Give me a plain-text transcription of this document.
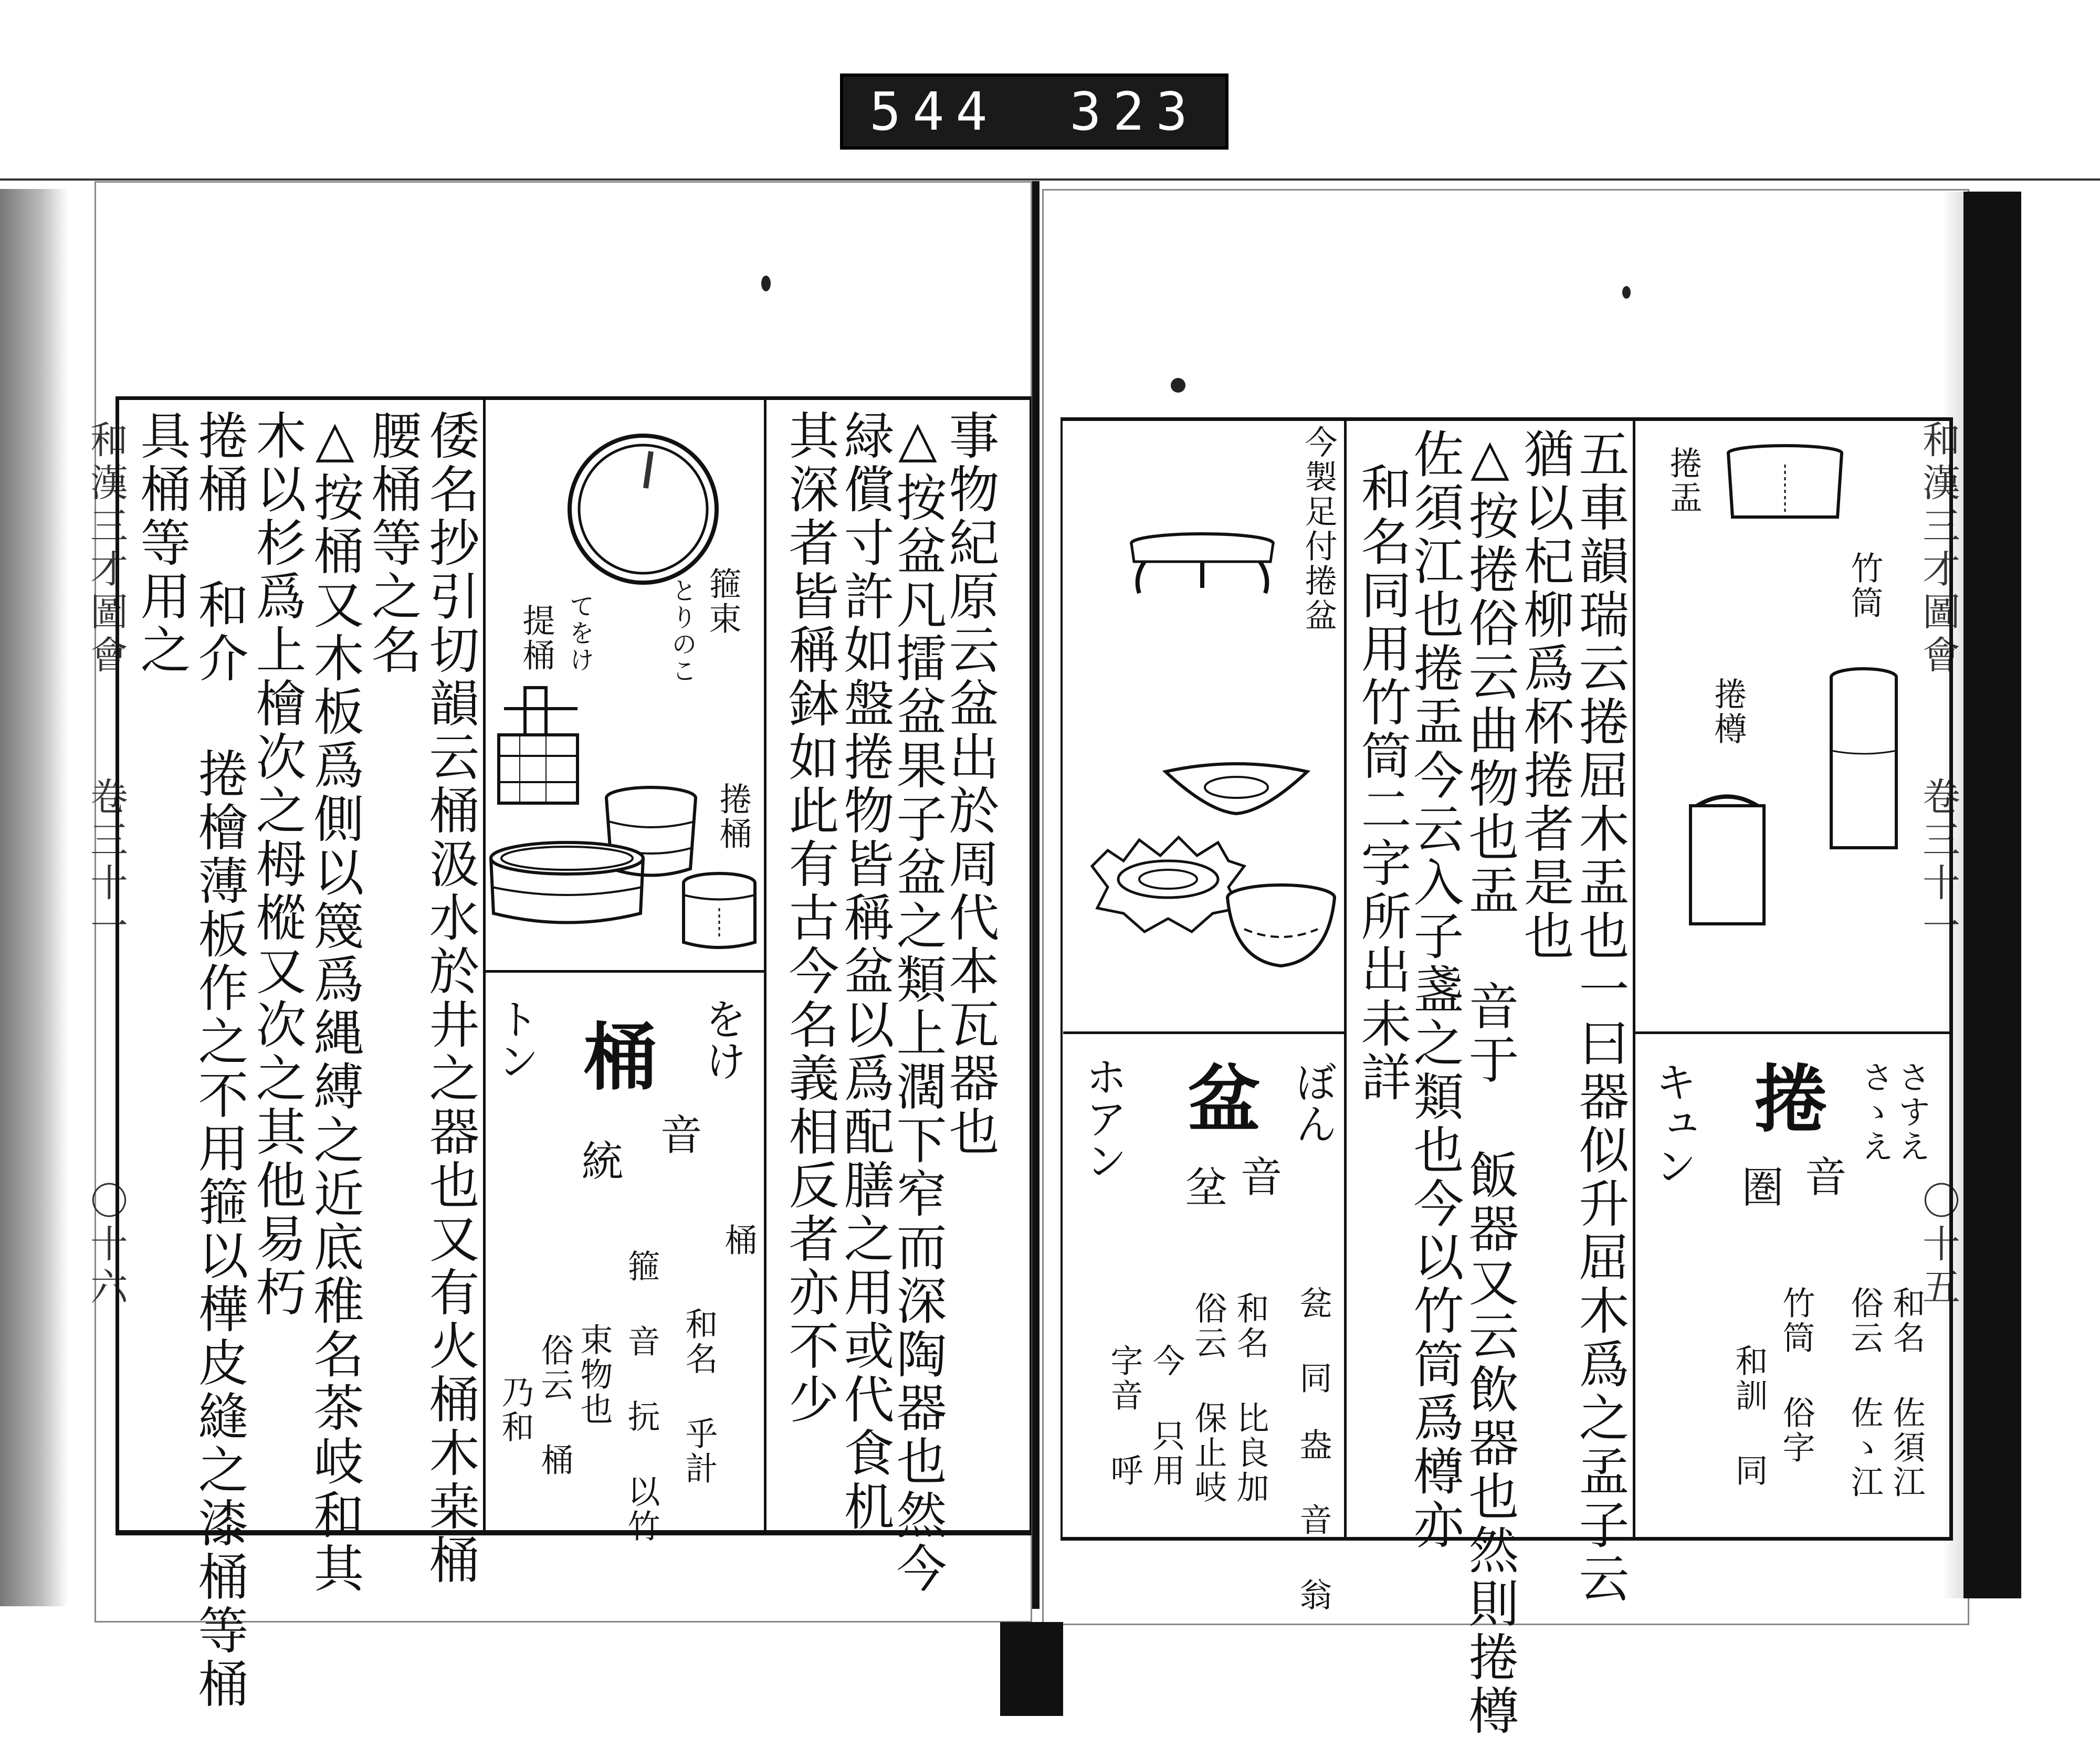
544 323
和漢三才圖會
卷三十一
〇十六
和漢三才圖會
卷三十一
〇十五
事物紀原云盆出於周代本瓦器也
△按盆凡擂盆果子盆之類上濶下窄而深陶器也然今
緑償寸許如盤捲物皆稱盆以爲配膳之用或代食机
其深者皆稱鉢如此有古今名義相反者亦不少
倭名抄引切韻云桶汲水於井之器也又有火桶木桒桶
腰桶等之名
△按桶又木板爲側以篾爲縄縛之近底稚名茶岐和其
木以杉爲上檜次之栂樅又次之其他易朽
捲桶 和介 捲檜薄板作之不用箍以樺皮縫之漆桶等桶
具桶等用之	箍束
とりのこ
提桶 てをけ
捲桶
トン 桶 をけ
音
統
桶
和名 乎計
箍 音 抏 以竹
束物也
俗云 桶
乃和
捲盂
竹筒
捲樽
今製足付捲盆	五車韻瑞云捲屈木盂也一曰器似升屈木爲之孟子云
猶以杞柳爲杯捲者是也
△按捲俗云曲物也盂 音于 飯器又云飲器也然則捲樽
佐須江也捲盂今云入子盞之類也今以竹筒爲樽亦
和名同用竹筒二字所出未詳
キュン 捲 さすえ
さゝえ
音
圏
和名 佐須江
俗云 佐ゝ江
竹筒 俗字
和訓 同
ホアン 盆 ぼん
音
坌
瓫 同
盎 音 翁
和名 比良加
俗云 保止岐
今 只用
字音 呼
